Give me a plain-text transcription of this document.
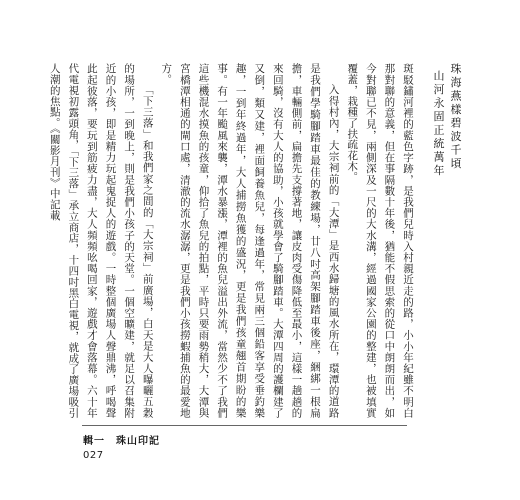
珠海燕樣碧波千頃
山河永固正統萬年

斑駁鏽河裡的藍色字跡，是我們兒時入村親近走的路，小小年紀雖不明白那對聯的意義，但在事隔數十年後，猶能不假思索的從口中朗朗而出，如今對聯已不見，兩側深及一尺的大水溝，經過國家公園的整建，也被填實覆蓋，栽種了扶疏花木。

入得村內，大宗祠前的「大潭」是西水歸塘的風水所在，環潭的道路是我們學騎腳踏車最佳的教練場，廿八吋高架腳踏車後座，綑綁一根扁擔，車輛側前，扁擔先支撐著地，讓皮肉受傷降低至最小，這樣一趟趟的來回騎，沒有大人的協助，小孩就學會了騎腳踏車。大潭四周的護欄建了又倒，類又建，裡面飼養魚兒，每逢過年，常見兩三個鉛客享受垂釣樂趣，一到年終過年，大人捕撈魚獲的盛況，更是我們孩童翹首期盼的樂事。有一年颱風來襲，潭水暴漲，潭裡的魚兒溢出外流，當然少不了我們這些機混水摸魚的孩童，仰拾了魚兒的拍點，平時只要雨勢稍大，大潭與宮橋潭相通的閘口處，清澈的流水潺潺，更是我們小孩撈蝦捕魚的最愛地方。

「下三落」和我們家之間的「大宗祠」前廣場，白天是大人曝曬五穀的場所，一到晚上，則是我們小孩子的天堂。一個空曠建，就足以召集附近的小孩，即是精力玩起鬼捉人的遊戲。一時整個廣場人聲鼎沸，呼喝聲此起彼落，要玩到筋疲力盡，大人頻頻吆喝回家，遊戲才會落幕。六十年代電視初露頭角，「下三落」承立商店，十四吋黑白電視，就成了廣場吸引人潮的焦點。《關影月刊》中記載

輯一　珠山印記
027
